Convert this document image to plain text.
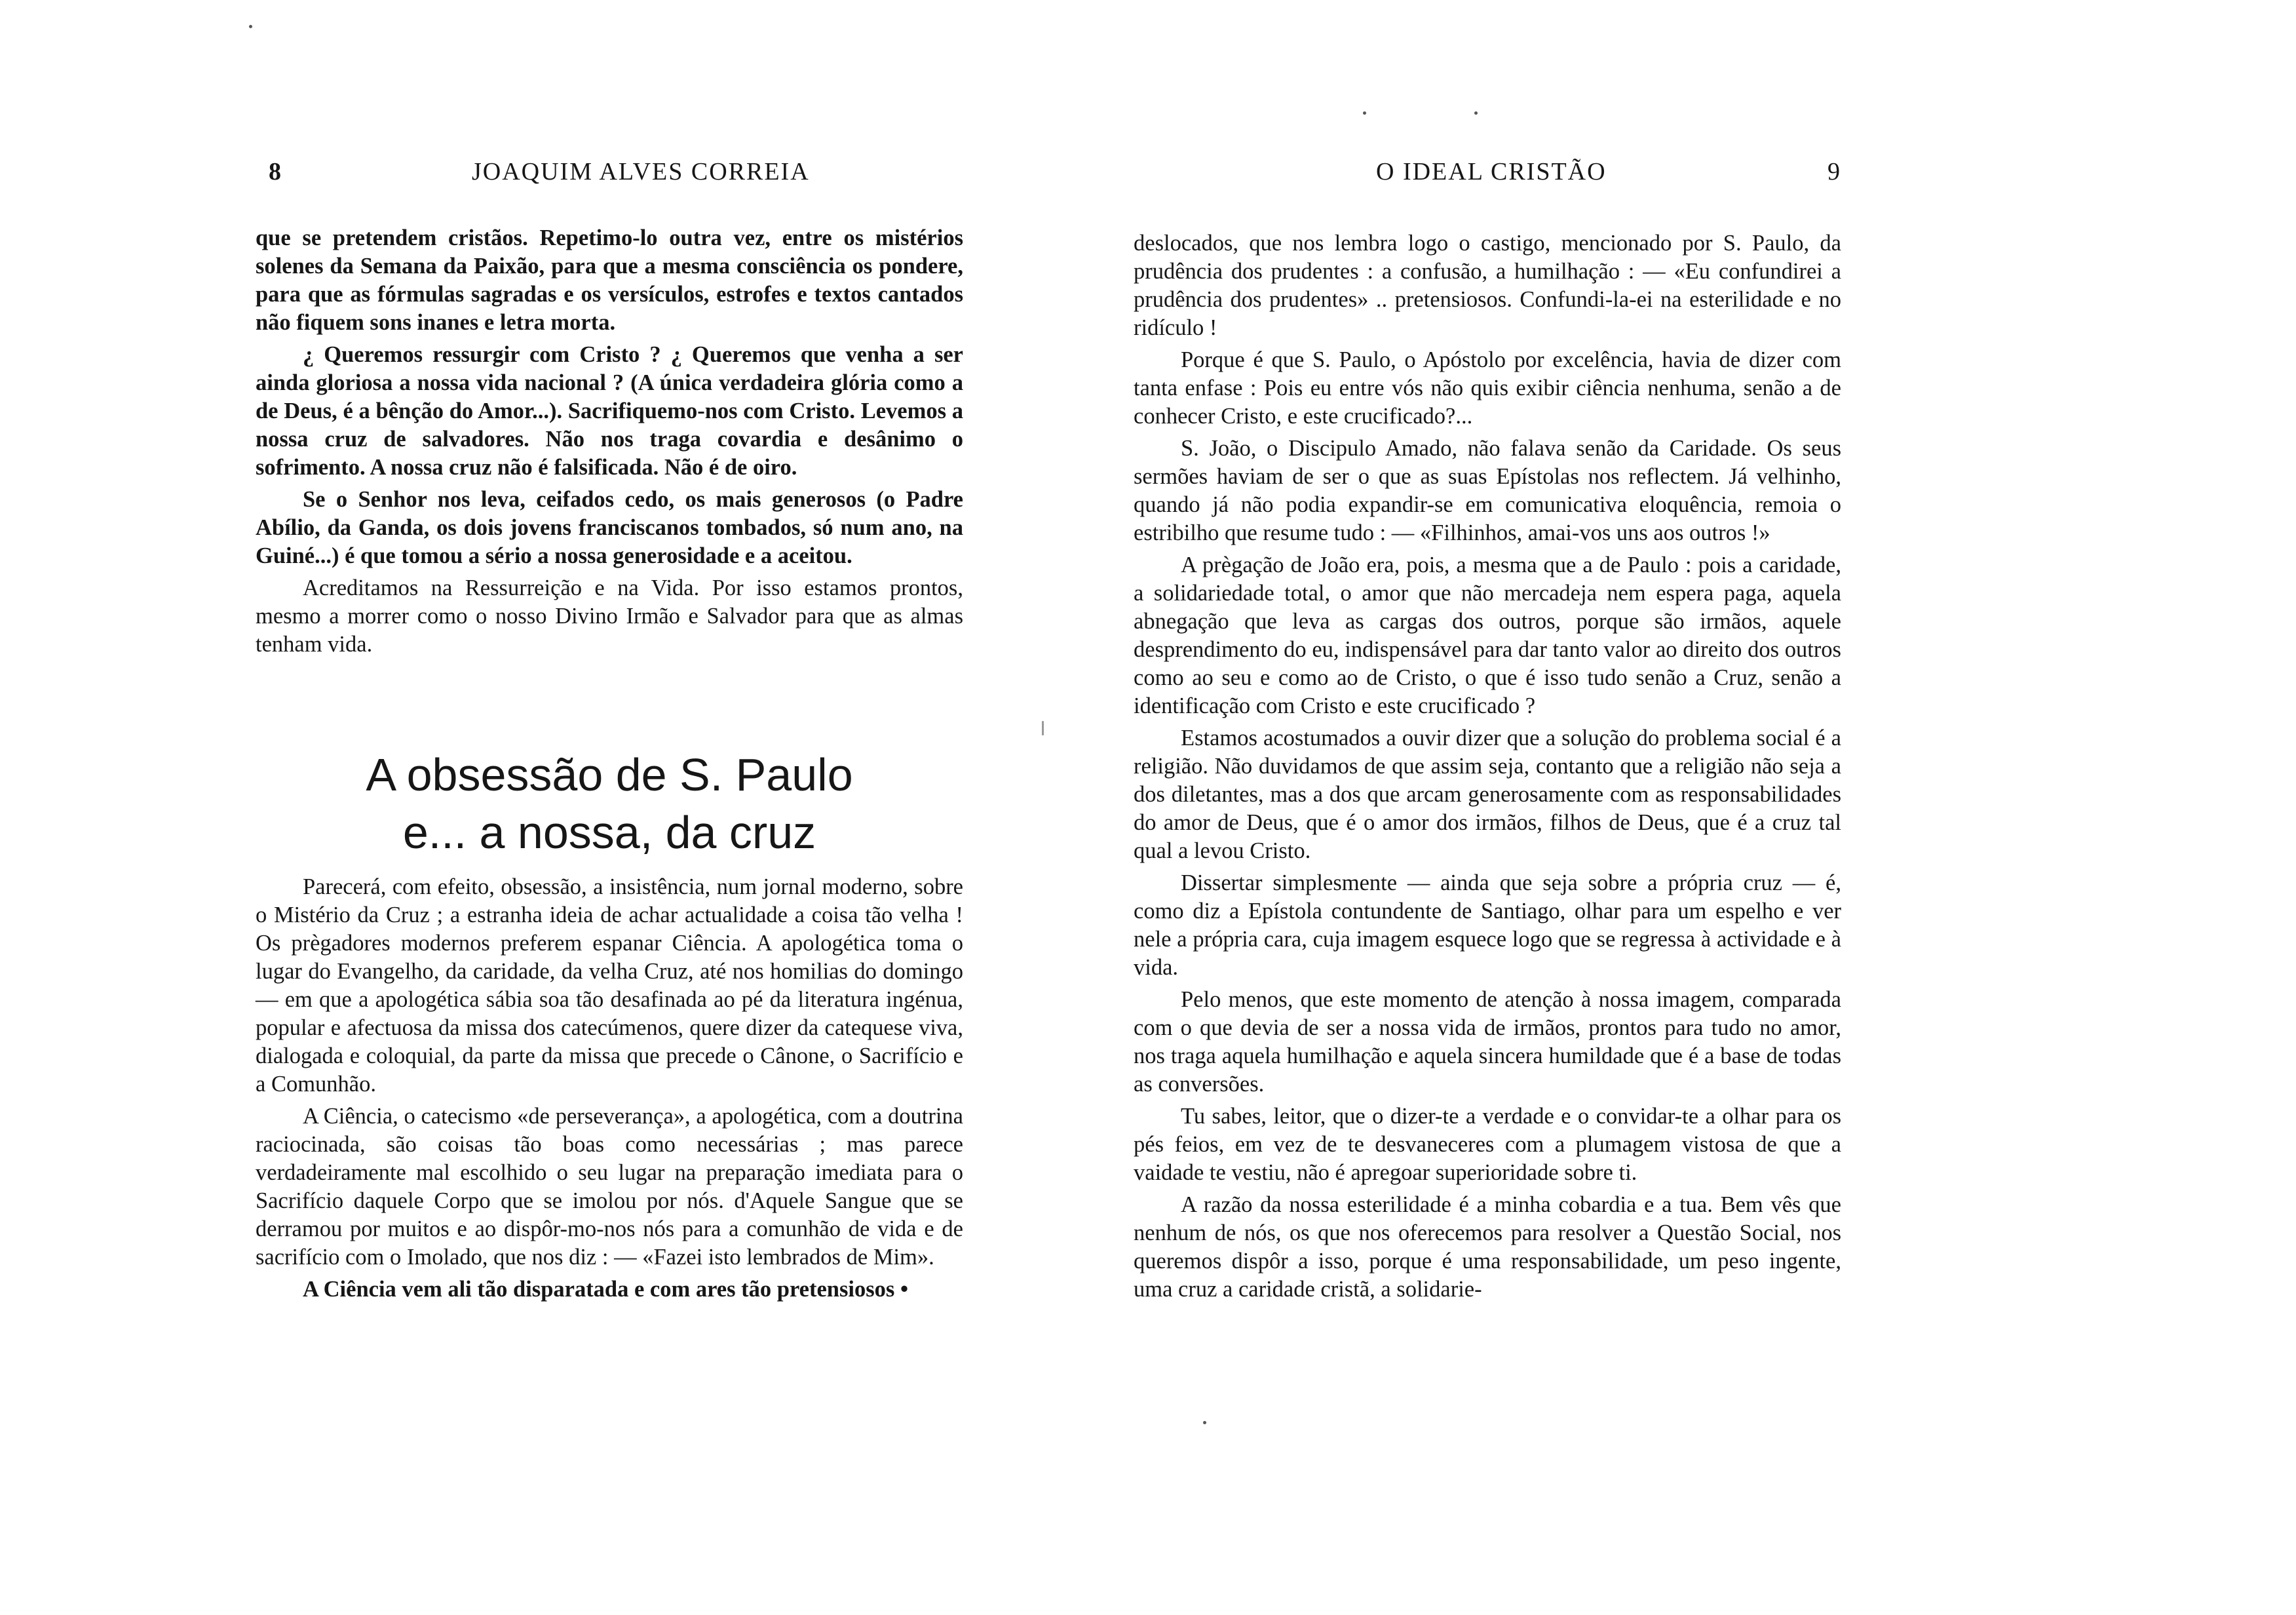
8	JOAQUIM ALVES CORREIA

que se pretendem cristãos. Repetimo-lo outra vez, entre os mistérios solenes da Semana da Paixão, para que a mesma consciência os pondere, para que as fórmulas sagradas e os versículos, estrofes e textos cantados não fiquem sons inanes e letra morta.

¿ Queremos ressurgir com Cristo ? ¿ Queremos que venha a ser ainda gloriosa a nossa vida nacional ? (A única verdadeira glória como a de Deus, é a bênção do Amor...). Sacrifiquemo-nos com Cristo. Levemos a nossa cruz de salvadores. Não nos traga covardia e desânimo o sofrimento. A nossa cruz não é falsificada. Não é de oiro.

Se o Senhor nos leva, ceifados cedo, os mais generosos (o Padre Abílio, da Ganda, os dois jovens franciscanos tombados, só num ano, na Guiné...) é que tomou a sério a nossa generosidade e a aceitou.

Acreditamos na Ressurreição e na Vida. Por isso estamos prontos, mesmo a morrer como o nosso Divino Irmão e Salvador para que as almas tenham vida.

A obsessão de S. Paulo
e... a nossa, da cruz

Parecerá, com efeito, obsessão, a insistência, num jornal moderno, sobre o Mistério da Cruz ; a estranha ideia de achar actualidade a coisa tão velha ! Os prègadores modernos preferem espanar Ciência. A apologética toma o lugar do Evangelho, da caridade, da velha Cruz, até nos homilias do domingo — em que a apologética sábia soa tão desafinada ao pé da literatura ingénua, popular e afectuosa da missa dos catecúmenos, quere dizer da catequese viva, dialogada e coloquial, da parte da missa que precede o Cânone, o Sacrifício e a Comunhão.

A Ciência, o catecismo «de perseverança», a apologética, com a doutrina raciocinada, são coisas tão boas como necessárias ; mas parece verdadeiramente mal escolhido o seu lugar na preparação imediata para o Sacrifício daquele Corpo que se imolou por nós. d'Aquele Sangue que se derramou por muitos e ao dispôr-mo-nos nós para a comunhão de vida e de sacrifício com o Imolado, que nos diz : — «Fazei isto lembrados de Mim».

A Ciência vem ali tão disparatada e com ares tão pretensiosos •

O IDEAL CRISTÃO	9

deslocados, que nos lembra logo o castigo, mencionado por S. Paulo, da prudência dos prudentes : a confusão, a humilhação : — «Eu confundirei a prudência dos prudentes» .. pretensiosos. Confundi-la-ei na esterilidade e no ridículo !

Porque é que S. Paulo, o Apóstolo por excelência, havia de dizer com tanta enfase : Pois eu entre vós não quis exibir ciência nenhuma, senão a de conhecer Cristo, e este crucificado?...

S. João, o Discipulo Amado, não falava senão da Caridade. Os seus sermões haviam de ser o que as suas Epístolas nos reflectem. Já velhinho, quando já não podia expandir-se em comunicativa eloquência, remoia o estribilho que resume tudo : — «Filhinhos, amai-vos uns aos outros !»

A prègação de João era, pois, a mesma que a de Paulo : pois a caridade, a solidariedade total, o amor que não mercadeja nem espera paga, aquela abnegação que leva as cargas dos outros, porque são irmãos, aquele desprendimento do eu, indispensável para dar tanto valor ao direito dos outros como ao seu e como ao de Cristo, o que é isso tudo senão a Cruz, senão a identificação com Cristo e este crucificado ?

Estamos acostumados a ouvir dizer que a solução do problema social é a religião. Não duvidamos de que assim seja, contanto que a religião não seja a dos diletantes, mas a dos que arcam generosamente com as responsabilidades do amor de Deus, que é o amor dos irmãos, filhos de Deus, que é a cruz tal qual a levou Cristo.

Dissertar simplesmente — ainda que seja sobre a própria cruz — é, como diz a Epístola contundente de Santiago, olhar para um espelho e ver nele a própria cara, cuja imagem esquece logo que se regressa à actividade e à vida.

Pelo menos, que este momento de atenção à nossa imagem, comparada com o que devia de ser a nossa vida de irmãos, prontos para tudo no amor, nos traga aquela humilhação e aquela sincera humildade que é a base de todas as conversões.

Tu sabes, leitor, que o dizer-te a verdade e o convidar-te a olhar para os pés feios, em vez de te desvaneceres com a plumagem vistosa de que a vaidade te vestiu, não é apregoar superioridade sobre ti.

A razão da nossa esterilidade é a minha cobardia e a tua. Bem vês que nenhum de nós, os que nos oferecemos para resolver a Questão Social, nos queremos dispôr a isso, porque é uma responsabilidade, um peso ingente, uma cruz a caridade cristã, a solidarie-
